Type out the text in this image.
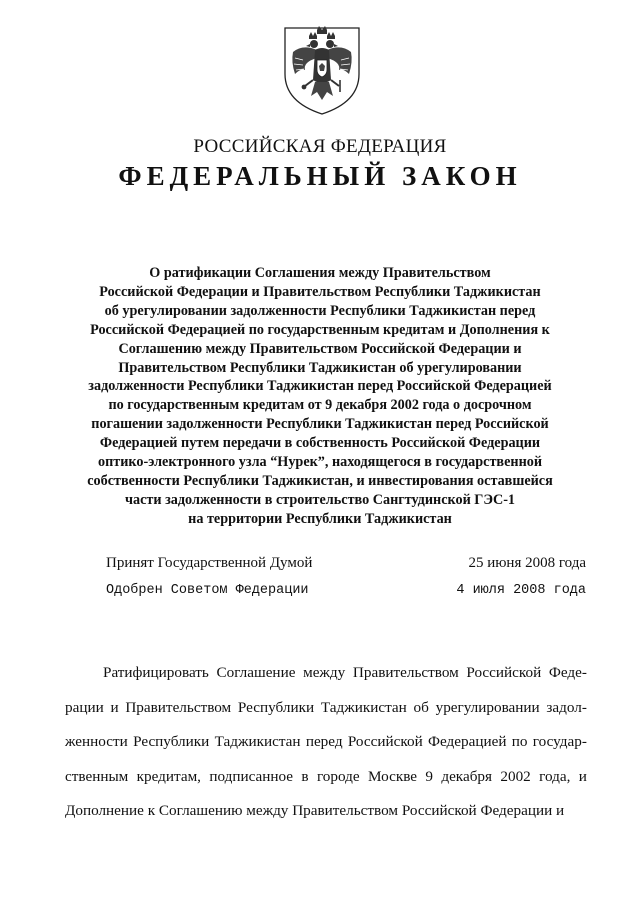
РОССИЙСКАЯ ФЕДЕРАЦИЯ
ФЕДЕРАЛЬНЫЙ ЗАКОН
О ратификации Соглашения между Правительством
Российской Федерации и Правительством Республики Таджикистан
об урегулировании задолженности Республики Таджикистан перед
Российской Федерацией по государственным кредитам и Дополнения к
Соглашению между Правительством Российской Федерации и
Правительством Республики Таджикистан об урегулировании
задолженности Республики Таджикистан перед Российской Федерацией
по государственным кредитам от 9 декабря 2002 года о досрочном
погашении задолженности Республики Таджикистан перед Российской
Федерацией путем передачи в собственность Российской Федерации
оптико-электронного узла “Нурек”, находящегося в государственной
собственности Республики Таджикистан, и инвестирования оставшейся
части задолженности в строительство Сангтудинской ГЭС-1
на территории Республики Таджикистан
Принят Государственной Думой	25 июня 2008 года
Одобрен Советом Федерации	4 июля 2008 года
Ратифицировать Соглашение между Правительством Российской Феде-
рации и Правительством Республики Таджикистан об урегулировании задол-
женности Республики Таджикистан перед Российской Федерацией по государ-
ственным кредитам, подписанное в городе Москве 9 декабря 2002 года, и
Дополнение к Соглашению между Правительством Российской Федерации и
